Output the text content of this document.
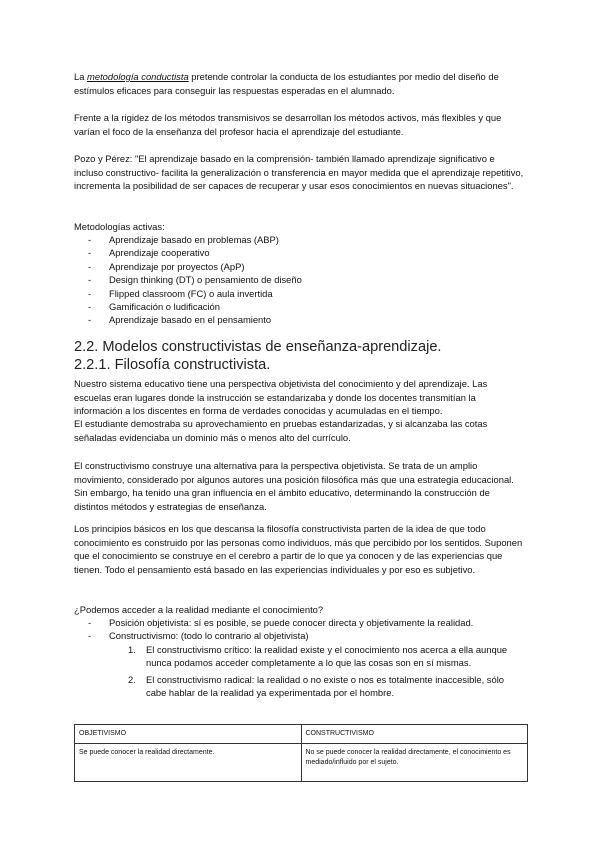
La metodología conductista pretende controlar la conducta de los estudiantes por medio del diseño de estímulos eficaces para conseguir las respuestas esperadas en el alumnado.

Frente a la rigidez de los métodos transmisivos se desarrollan los métodos activos, más flexibles y que varían el foco de la enseñanza del profesor hacia el aprendizaje del estudiante.

Pozo y Pérez: "El aprendizaje basado en la comprensión- también llamado aprendizaje significativo e incluso constructivo- facilita la generalización o transferencia en mayor medida que el aprendizaje repetitivo, incrementa la posibilidad de ser capaces de recuperar y usar esos conocimientos en nuevas situaciones".

Metodologías activas:

- Aprendizaje basado en problemas (ABP)
- Aprendizaje cooperativo
- Aprendizaje por proyectos (ApP)
- Design thinking (DT) o pensamiento de diseño
- Flipped classroom (FC) o aula invertida
- Gamificación o ludificación
- Aprendizaje basado en el pensamiento
2.2. Modelos constructivistas de enseñanza-aprendizaje.
2.2.1. Filosofía constructivista.

Nuestro sistema educativo tiene una perspectiva objetivista del conocimiento y del aprendizaje. Las escuelas eran lugares donde la instrucción se estandarizaba y donde los docentes transmitían la información a los discentes en forma de verdades conocidas y acumuladas en el tiempo.

El estudiante demostraba su aprovechamiento en pruebas estandarizadas, y si alcanzaba las cotas señaladas evidenciaba un dominio más o menos alto del currículo.

El constructivismo construye una alternativa para la perspectiva objetivista. Se trata de un amplio movimiento, considerado por algunos autores una posición filosófica más que una estrategia educacional. Sin embargo, ha tenido una gran influencia en el ámbito educativo, determinando la construcción de distintos métodos y estrategias de enseñanza.

Los principios básicos en los que descansa la filosofía constructivista parten de la idea de que todo conocimiento es construido por las personas como individuos, más que percibido por los sentidos. Suponen que el conocimiento se construye en el cerebro a partir de lo que ya conocen y de las experiencias que tienen. Todo el pensamiento está basado en las experiencias individuales y por eso es subjetivo.

¿Podemos acceder a la realidad mediante el conocimiento?

- Posición objetivista: sí es posible, se puede conocer directa y objetivamente la realidad.
- Constructivismo: (todo lo contrario al objetivista)
1. El constructivismo crítico: la realidad existe y el conocimiento nos acerca a ella aunque nunca podamos acceder completamente a lo que las cosas son en sí mismas.
2. El constructivismo radical: la realidad o no existe o nos es totalmente inaccesible, sólo cabe hablar de la realidad ya experimentada por el hombre.
OBJETIVISMO	CONSTRUCTIVISMO
Se puede conocer la realidad directamente.	No se puede conocer la realidad directamente, el conocimiento es mediado/influido por el sujeto.
